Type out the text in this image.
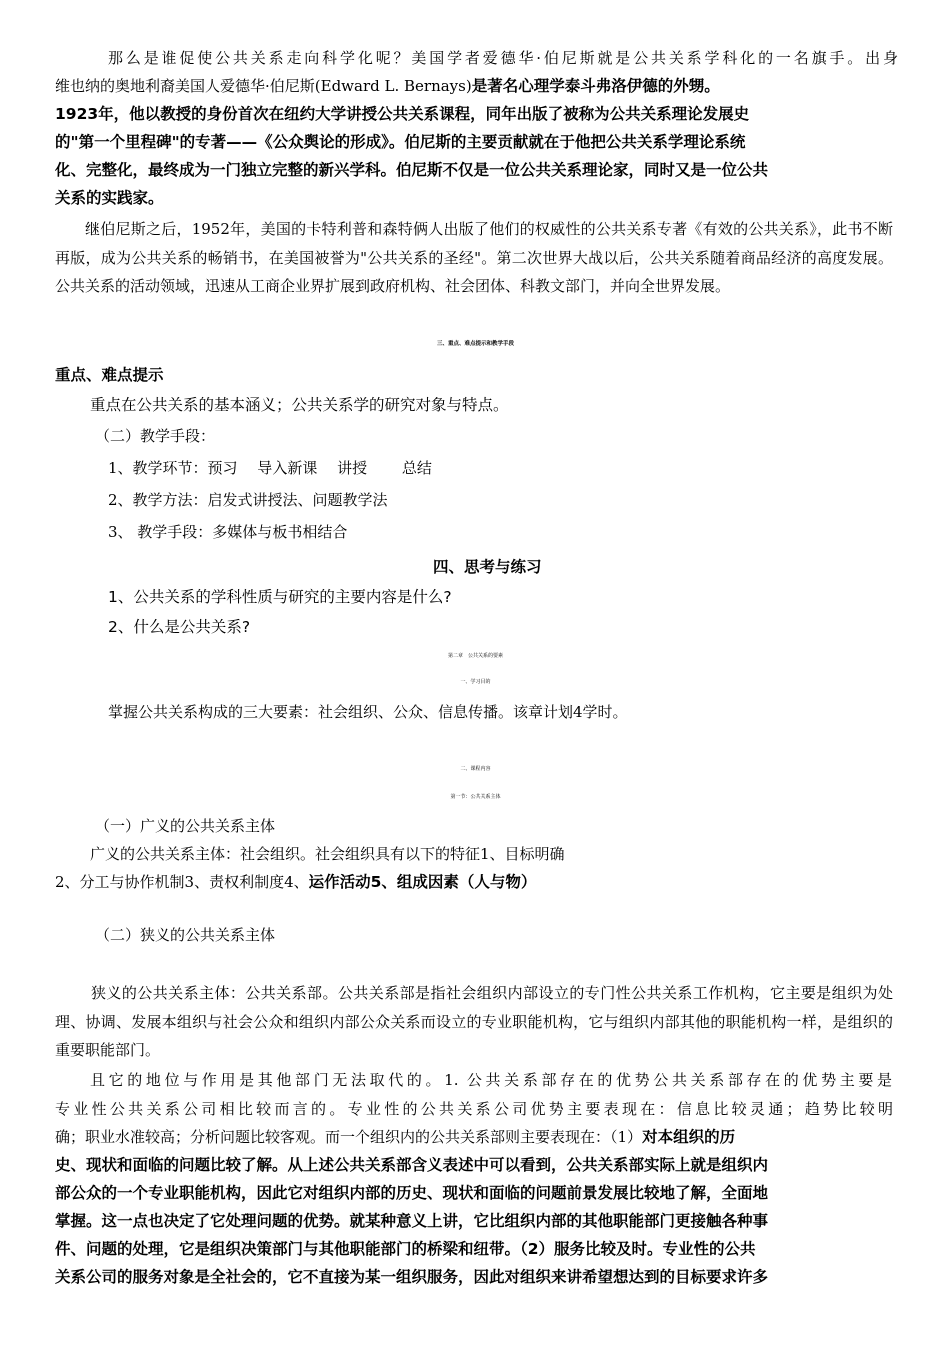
那么是谁促使公共关系走向科学化呢？美国学者爱德华·伯尼斯就是公共关系学科化的一名旗手。出身
维也纳的奥地利裔美国人爱德华·伯尼斯(Edward L. Bernays)是著名心理学泰斗弗洛伊德的外甥。
1923年，他以教授的身份首次在纽约大学讲授公共关系课程，同年出版了被称为公共关系理论发展史
的"第一个里程碑"的专著——《公众舆论的形成》。伯尼斯的主要贡献就在于他把公共关系学理论系统
化、完整化，最终成为一门独立完整的新兴学科。伯尼斯不仅是一位公共关系理论家，同时又是一位公共
关系的实践家。
继伯尼斯之后，1952年，美国的卡特利普和森特俩人出版了他们的权威性的公共关系专著《有效的公共关系》，此书不断再版，成为公共关系的畅销书，在美国被誉为"公共关系的圣经"。第二次世界大战以后，公共关系随着商品经济的高度发展。公共关系的活动领域，迅速从工商企业界扩展到政府机构、社会团体、科教文部门，并向全世界发展。
三、重点、难点提示和教学手段
重点、难点提示
重点在公共关系的基本涵义；公共关系学的研究对象与特点。
（二）教学手段：
1、教学环节：预习　 导入新课　 讲授　　 总结
2、教学方法：启发式讲授法、问题教学法
3、 教学手段：多媒体与板书相结合
四、思考与练习
1、公共关系的学科性质与研究的主要内容是什么?
2、什么是公共关系?
第二章　公共关系的要素
一、学习目的
掌握公共关系构成的三大要素：社会组织、公众、信息传播。该章计划4学时。
二、课程内容
第一节：公共关系主体
（一）广义的公共关系主体
广义的公共关系主体：社会组织。社会组织具有以下的特征1、目标明确
2、分工与协作机制3、责权利制度4、运作活动5、组成因素（人与物）
（二）狭义的公共关系主体
狭义的公共关系主体：公共关系部。公共关系部是指社会组织内部设立的专门性公共关系工作机构，它主要是组织为处理、协调、发展本组织与社会公众和组织内部公众关系而设立的专业职能机构，它与组织内部其他的职能机构一样，是组织的重要职能部门。
且它的地位与作用是其他部门无法取代的。1. 公共关系部存在的优势公共关系部存在的优势主要是
专业性公共关系公司相比较而言的。专业性的公共关系公司优势主要表现在：信息比较灵通；趋势比较明
确；职业水准较高；分析问题比较客观。而一个组织内的公共关系部则主要表现在：（1）对本组织的历
史、现状和面临的问题比较了解。从上述公共关系部含义表述中可以看到，公共关系部实际上就是组织内
部公众的一个专业职能机构，因此它对组织内部的历史、现状和面临的问题前景发展比较地了解，全面地
掌握。这一点也决定了它处理问题的优势。就某种意义上讲，它比组织内部的其他职能部门更接触各种事
件、问题的处理，它是组织决策部门与其他职能部门的桥梁和纽带。（2）服务比较及时。专业性的公共
关系公司的服务对象是全社会的，它不直接为某一组织服务，因此对组织来讲希望想达到的目标要求许多
